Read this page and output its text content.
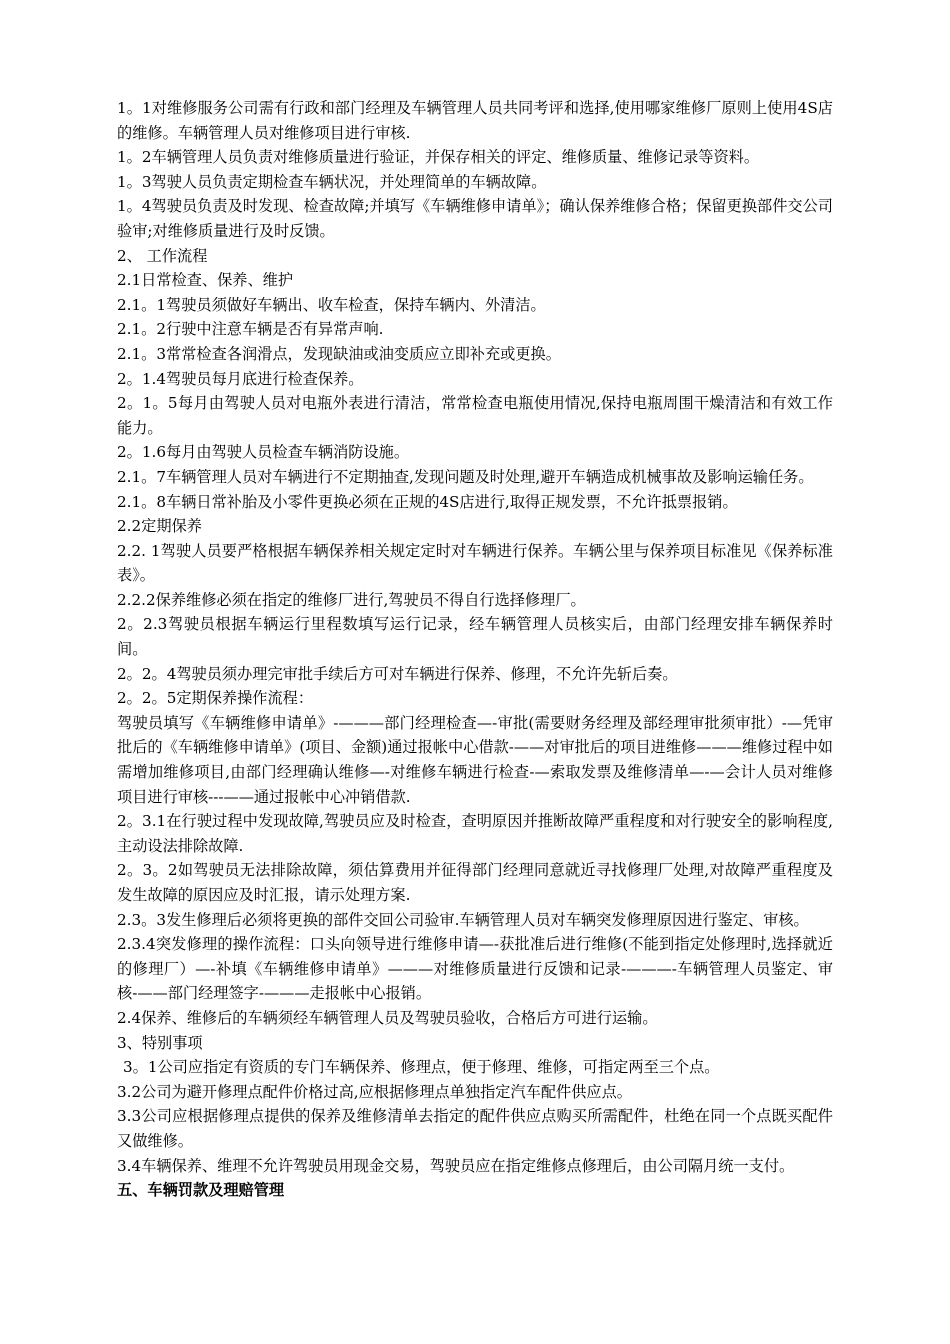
1。1对维修服务公司需有行政和部门经理及车辆管理人员共同考评和选择,使用哪家维修厂原则上使用4S店的维修。车辆管理人员对维修项目进行审核.

1。2车辆管理人员负责对维修质量进行验证，并保存相关的评定、维修质量、维修记录等资料。

1。3驾驶人员负责定期检查车辆状况，并处理简单的车辆故障。

1。4驾驶员负责及时发现、检查故障;并填写《车辆维修申请单》；确认保养维修合格；保留更换部件交公司验审;对维修质量进行及时反馈。

2、 工作流程

2.1日常检查、保养、维护

2.1。1驾驶员须做好车辆出、收车检查，保持车辆内、外清洁。

2.1。2行驶中注意车辆是否有异常声响.

2.1。3常常检查各润滑点，发现缺油或油变质应立即补充或更换。

2。1.4驾驶员每月底进行检查保养。

2。1。5每月由驾驶人员对电瓶外表进行清洁，常常检查电瓶使用情况,保持电瓶周围干燥清洁和有效工作能力。

2。1.6每月由驾驶人员检查车辆消防设施。

2.1。7车辆管理人员对车辆进行不定期抽查,发现问题及时处理,避开车辆造成机械事故及影响运输任务。

2.1。8车辆日常补胎及小零件更换必须在正规的4S店进行,取得正规发票，不允许抵票报销。

2.2定期保养

2.2. 1驾驶人员要严格根据车辆保养相关规定定时对车辆进行保养。车辆公里与保养项目标准见《保养标准表》。

2.2.2保养维修必须在指定的维修厂进行,驾驶员不得自行选择修理厂。

2。2.3驾驶员根据车辆运行里程数填写运行记录，经车辆管理人员核实后，由部门经理安排车辆保养时间。

2。2。4驾驶员须办理完审批手续后方可对车辆进行保养、修理，不允许先斩后奏。

2。2。5定期保养操作流程：

驾驶员填写《车辆维修申请单》-———部门经理检查—-审批(需要财务经理及部经理审批须审批）-—凭审批后的《车辆维修申请单》(项目、金额)通过报帐中心借款-——对审批后的项目进维修———维修过程中如需增加维修项目,由部门经理确认维修—-对维修车辆进行检查-—索取发票及维修清单—-—会计人员对维修项目进行审核---——通过报帐中心冲销借款.

2。3.1在行驶过程中发现故障,驾驶员应及时检查，查明原因并推断故障严重程度和对行驶安全的影响程度,主动设法排除故障.

2。3。2如驾驶员无法排除故障，须估算费用并征得部门经理同意就近寻找修理厂处理,对故障严重程度及发生故障的原因应及时汇报，请示处理方案.

2.3。3发生修理后必须将更换的部件交回公司验审.车辆管理人员对车辆突发修理原因进行鉴定、审核。

2.3.4突发修理的操作流程：口头向领导进行维修申请—-获批准后进行维修(不能到指定处修理时,选择就近的修理厂）—-补填《车辆维修申请单》———对维修质量进行反馈和记录-———-车辆管理人员鉴定、审核-——部门经理签字-———走报帐中心报销。

2.4保养、维修后的车辆须经车辆管理人员及驾驶员验收，合格后方可进行运输。

3、特别事项

3。1公司应指定有资质的专门车辆保养、修理点，便于修理、维修，可指定两至三个点。

3.2公司为避开修理点配件价格过高,应根据修理点单独指定汽车配件供应点。

3.3公司应根据修理点提供的保养及维修清单去指定的配件供应点购买所需配件，杜绝在同一个点既买配件又做维修。

3.4车辆保养、维理不允许驾驶员用现金交易，驾驶员应在指定维修点修理后，由公司隔月统一支付。

五、车辆罚款及理赔管理
